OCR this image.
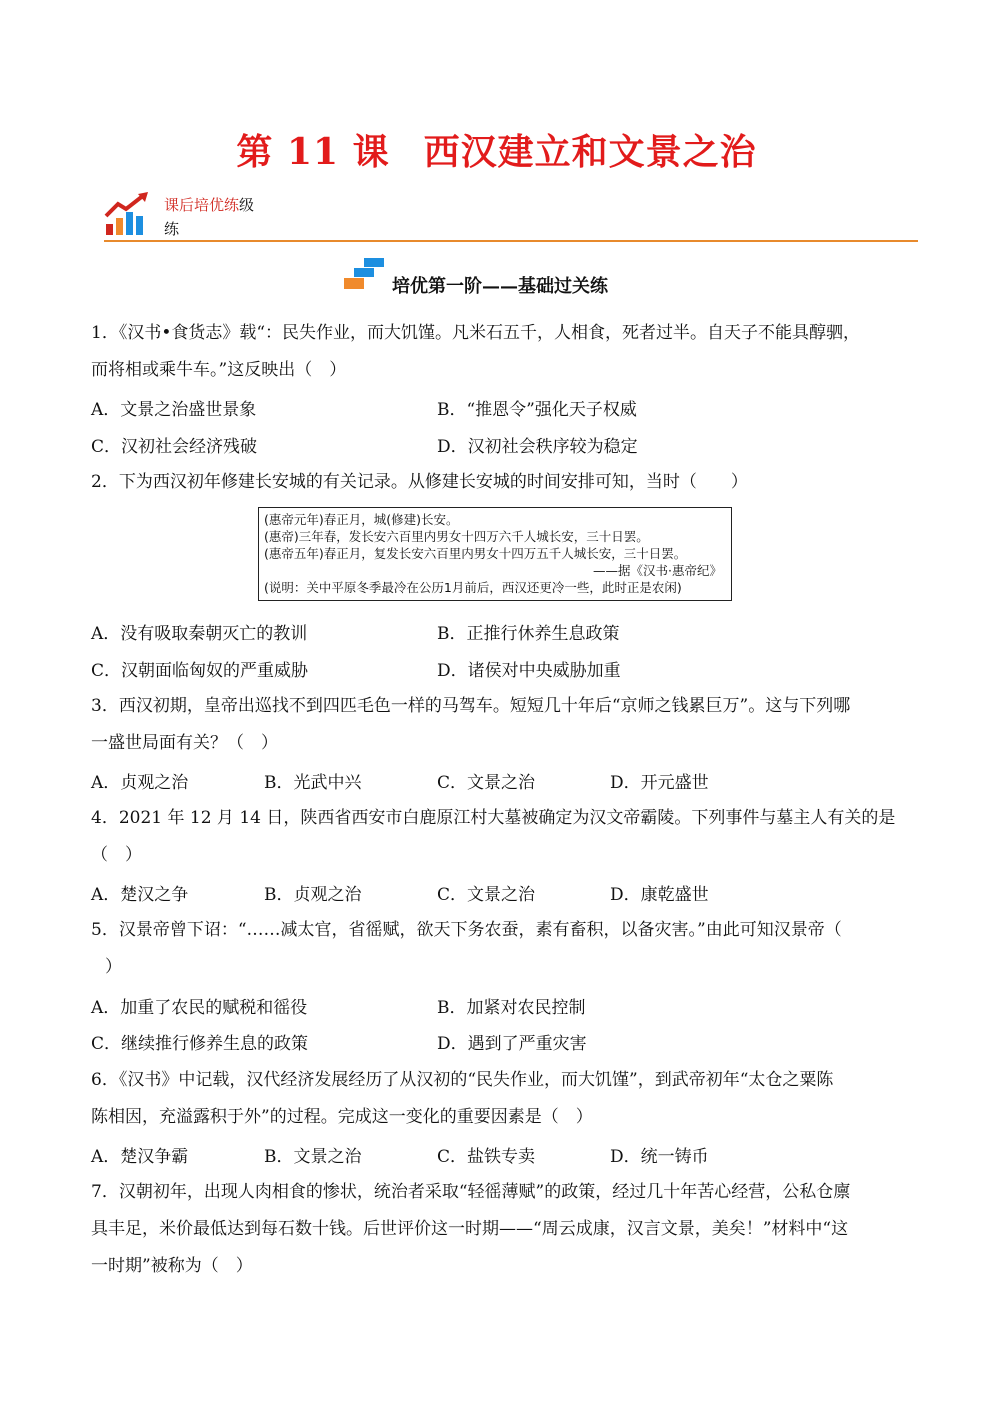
第 11 课 西汉建立和文景之治
课后培优练级
练
培优第一阶——基础过关练
1．《汉书•食货志》载“：民失作业，而大饥馑。凡米石五千，人相食，死者过半。自天子不能具醇驷，
而将相或乘牛车。”这反映出（　）
A．文景之治盛世景象	B．“推恩令”强化天子权威
C．汉初社会经济残破	D．汉初社会秩序较为稳定
2．下为西汉初年修建长安城的有关记录。从修建长安城的时间安排可知，当时（　　）
(惠帝元年)春正月，城(修建)长安。
(惠帝)三年春，发长安六百里内男女十四万六千人城长安，三十日罢。
(惠帝五年)春正月，复发长安六百里内男女十四万五千人城长安，三十日罢。
——据《汉书·惠帝纪》
(说明：关中平原冬季最冷在公历1月前后，西汉还更冷一些，此时正是农闲)
A．没有吸取秦朝灭亡的教训	B．正推行休养生息政策
C．汉朝面临匈奴的严重威胁	D．诸侯对中央威胁加重
3．西汉初期，皇帝出巡找不到四匹毛色一样的马驾车。短短几十年后“京师之钱累巨万”。这与下列哪
一盛世局面有关？（　）
A．贞观之治	B．光武中兴	C．文景之治	D．开元盛世
4．2021 年 12 月 14 日，陕西省西安市白鹿原江村大墓被确定为汉文帝霸陵。下列事件与墓主人有关的是
（　）
A．楚汉之争	B．贞观之治	C．文景之治	D．康乾盛世
5．汉景帝曾下诏：“……减太官，省徭赋，欲天下务农蚕，素有畜积，以备灾害。”由此可知汉景帝（
）
A．加重了农民的赋税和徭役	B．加紧对农民控制
C．继续推行修养生息的政策	D．遇到了严重灾害
6．《汉书》中记载，汉代经济发展经历了从汉初的“民失作业，而大饥馑”，到武帝初年“太仓之粟陈
陈相因，充溢露积于外”的过程。完成这一变化的重要因素是（　）
A．楚汉争霸	B．文景之治	C．盐铁专卖	D．统一铸币
7．汉朝初年，出现人肉相食的惨状，统治者采取“轻徭薄赋”的政策，经过几十年苦心经营，公私仓廪
具丰足，米价最低达到每石数十钱。后世评价这一时期——“周云成康，汉言文景，美矣！”材料中“这
一时期”被称为（　）
